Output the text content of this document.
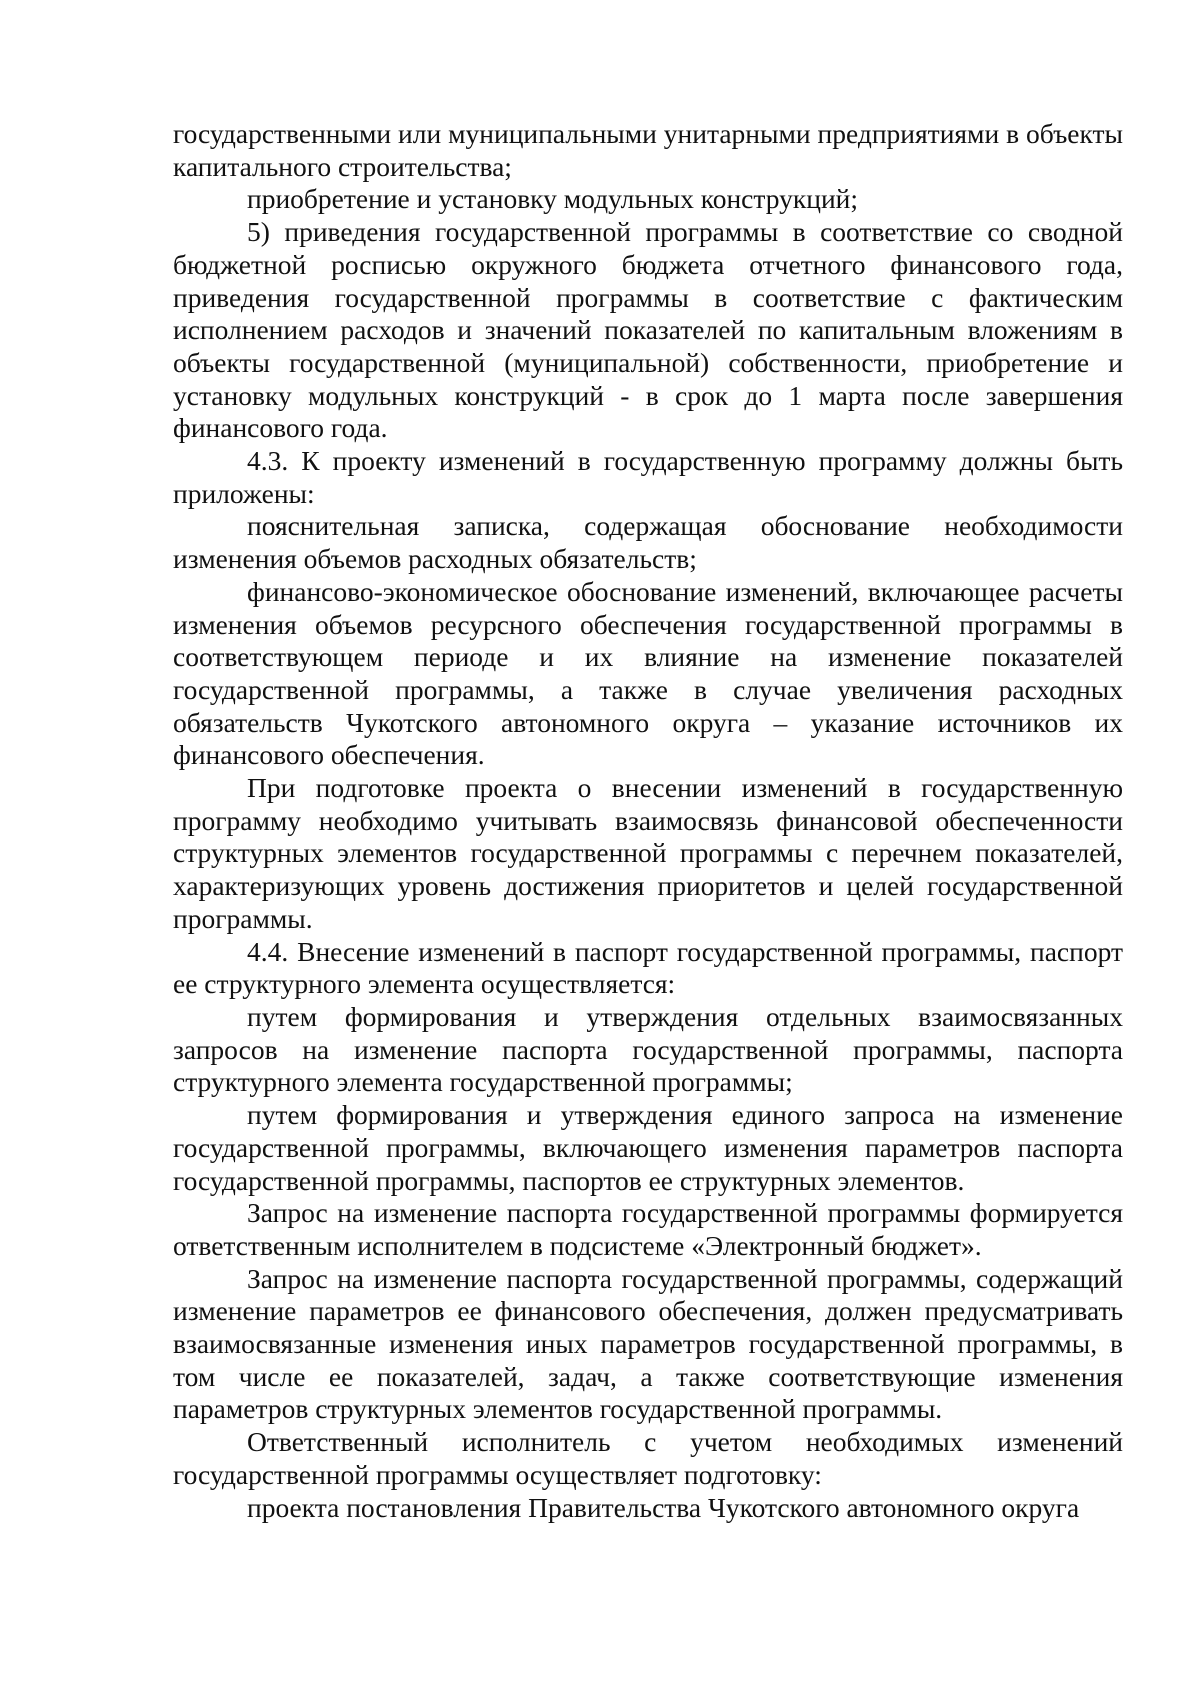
государственными или муниципальными унитарными предприятиями в объекты капитального строительства;

приобретение и установку модульных конструкций;

5) приведения государственной программы в соответствие со сводной бюджетной росписью окружного бюджета отчетного финансового года, приведения государственной программы в соответствие с фактическим исполнением расходов и значений показателей по капитальным вложениям в объекты государственной (муниципальной) собственности, приобретение и установку модульных конструкций - в срок до 1 марта после завершения финансового года.

4.3. К проекту изменений в государственную программу должны быть приложены:

пояснительная записка, содержащая обоснование необходимости изменения объемов расходных обязательств;

финансово-экономическое обоснование изменений, включающее расчеты изменения объемов ресурсного обеспечения государственной программы в соответствующем периоде и их влияние на изменение показателей государственной программы, а также в случае увеличения расходных обязательств Чукотского автономного округа – указание источников их финансового обеспечения.

При подготовке проекта о внесении изменений в государственную программу необходимо учитывать взаимосвязь финансовой обеспеченности структурных элементов государственной программы с перечнем показателей, характеризующих уровень достижения приоритетов и целей государственной программы.

4.4. Внесение изменений в паспорт государственной программы, паспорт ее структурного элемента осуществляется:

путем формирования и утверждения отдельных взаимосвязанных запросов на изменение паспорта государственной программы, паспорта структурного элемента государственной программы;

путем формирования и утверждения единого запроса на изменение государственной программы, включающего изменения параметров паспорта государственной программы, паспортов ее структурных элементов.

Запрос на изменение паспорта государственной программы формируется ответственным исполнителем в подсистеме «Электронный бюджет».

Запрос на изменение паспорта государственной программы, содержащий изменение параметров ее финансового обеспечения, должен предусматривать взаимосвязанные изменения иных параметров государственной программы, в том числе ее показателей, задач, а также соответствующие изменения параметров структурных элементов государственной программы.

Ответственный исполнитель с учетом необходимых изменений государственной программы осуществляет подготовку:

проекта постановления Правительства Чукотского автономного округа
